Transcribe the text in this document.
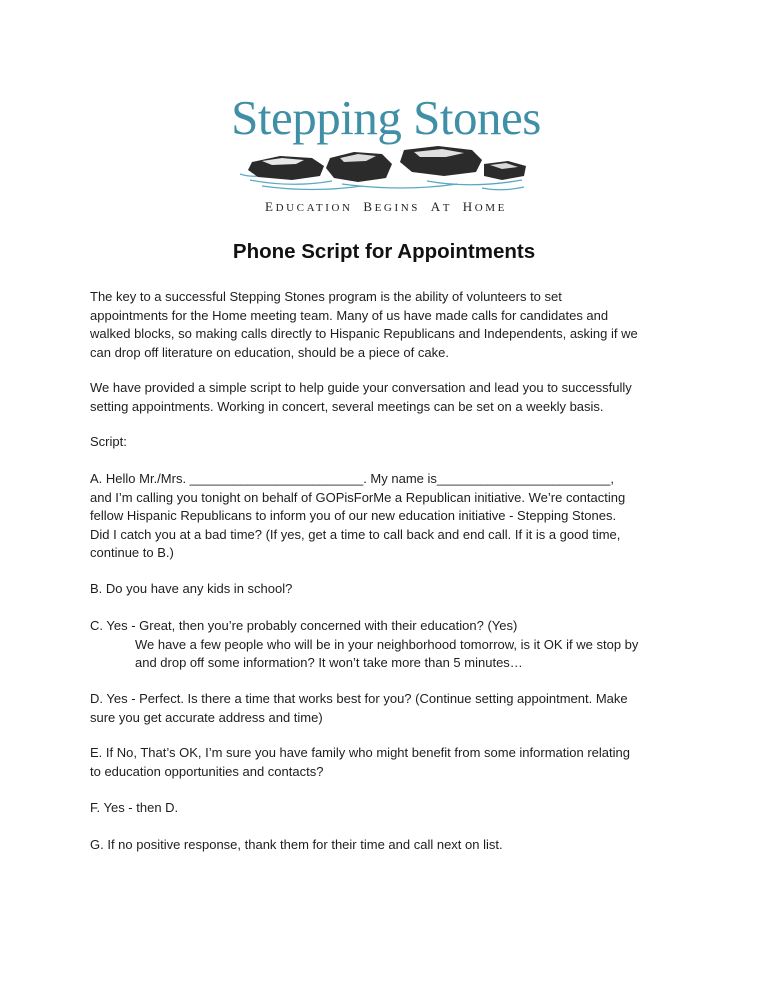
Stepping Stones
EDUCATION BEGINS AT HOME
Phone Script for Appointments
The key to a successful Stepping Stones program is the ability of volunteers to set
appointments for the Home meeting team. Many of us have made calls for candidates and
walked blocks, so making calls directly to Hispanic Republicans and Independents, asking if we
can drop off literature on education, should be a piece of cake.
We have provided a simple script to help guide your conversation and lead you to successfully
setting appointments. Working in concert, several meetings can be set on a weekly basis.
Script:
A. Hello Mr./Mrs. ________________________. My name is________________________,
and I’m calling you tonight on behalf of GOPisForMe a Republican initiative. We’re contacting
fellow Hispanic Republicans to inform you of our new education initiative - Stepping Stones.
Did I catch you at a bad time? (If yes, get a time to call back and end call. If it is a good time,
continue to B.)
B. Do you have any kids in school?
C. Yes - Great, then you’re probably concerned with their education? (Yes)
We have a few people who will be in your neighborhood tomorrow, is it OK if we stop by
and drop off some information? It won’t take more than 5 minutes…
D. Yes - Perfect. Is there a time that works best for you? (Continue setting appointment. Make
sure you get accurate address and time)
E. If No, That’s OK, I’m sure you have family who might benefit from some information relating
to education opportunities and contacts?
F. Yes - then D.
G. If no positive response, thank them for their time and call next on list.
